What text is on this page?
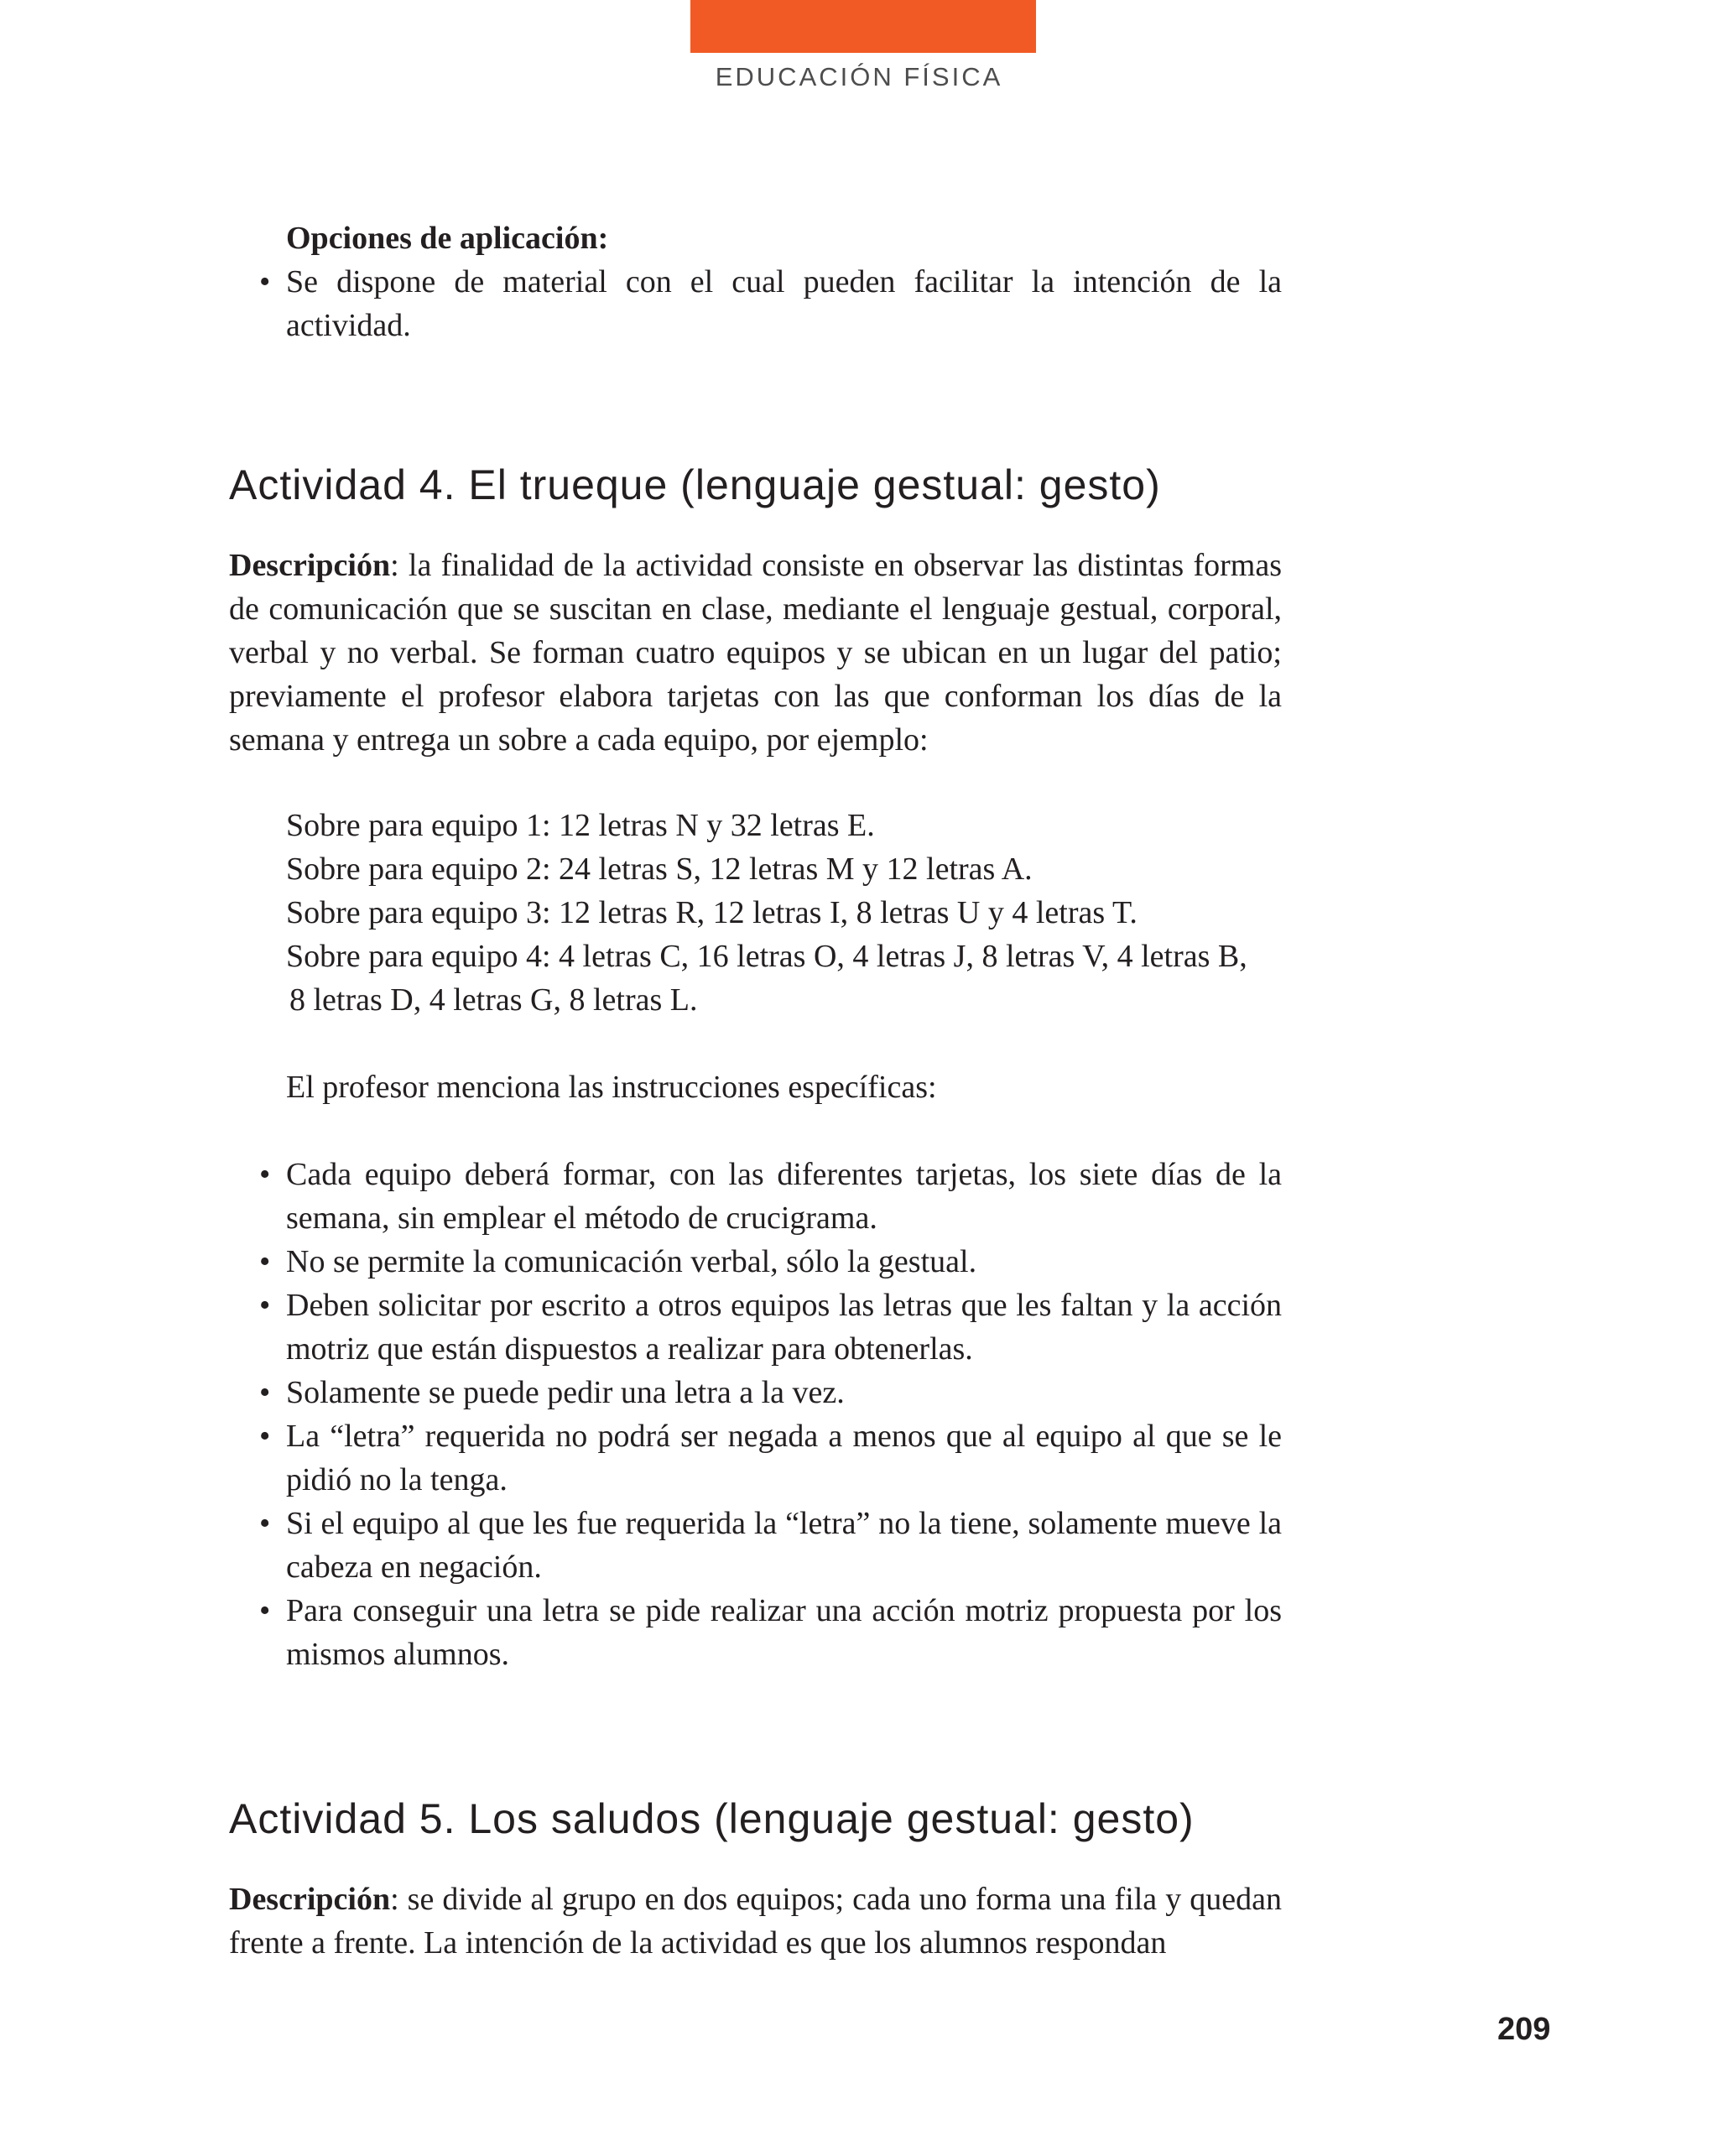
EDUCACIÓN FÍSICA
Opciones de aplicación:
• Se dispone de material con el cual pueden facilitar la intención de la actividad.
Actividad 4. El trueque (lenguaje gestual: gesto)

Descripción: la finalidad de la actividad consiste en observar las distintas formas de comunicación que se suscitan en clase, mediante el lenguaje gestual, corporal, verbal y no verbal. Se forman cuatro equipos y se ubican en un lugar del patio; previamente el profesor elabora tarjetas con las que conforman los días de la semana y entrega un sobre a cada equipo, por ejemplo:

Sobre para equipo 1: 12 letras N y 32 letras E.
Sobre para equipo 2: 24 letras S, 12 letras M y 12 letras A.
Sobre para equipo 3: 12 letras R, 12 letras I, 8 letras U y 4 letras T.
Sobre para equipo 4: 4 letras C, 16 letras O, 4 letras J, 8 letras V, 4 letras B,
8 letras D, 4 letras G, 8 letras L.

El profesor menciona las instrucciones específicas:

• Cada equipo deberá formar, con las diferentes tarjetas, los siete días de la semana, sin emplear el método de crucigrama.
• No se permite la comunicación verbal, sólo la gestual.
• Deben solicitar por escrito a otros equipos las letras que les faltan y la acción motriz que están dispuestos a realizar para obtenerlas.
• Solamente se puede pedir una letra a la vez.
• La “letra” requerida no podrá ser negada a menos que al equipo al que se le pidió no la tenga.
• Si el equipo al que les fue requerida la “letra” no la tiene, solamente mueve la cabeza en negación.
• Para conseguir una letra se pide realizar una acción motriz propuesta por los mismos alumnos.
Actividad 5. Los saludos (lenguaje gestual: gesto)

Descripción: se divide al grupo en dos equipos; cada uno forma una fila y quedan frente a frente. La intención de la actividad es que los alumnos respondan

209
